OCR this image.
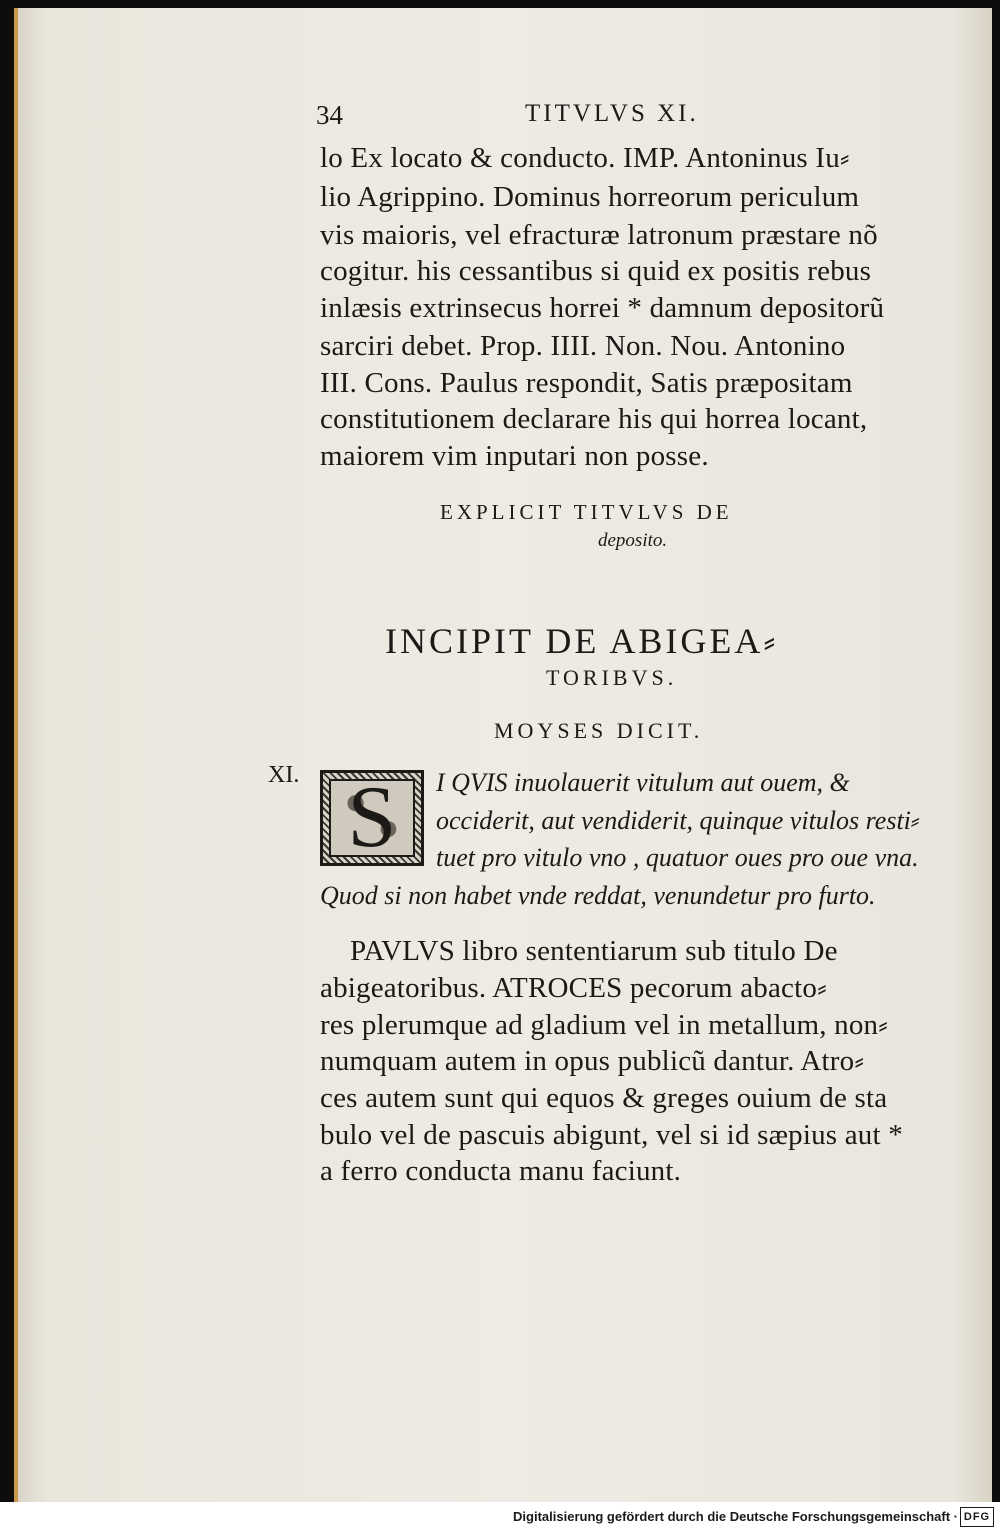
34	TITVLVS XI.
lo Ex locato & conducto. IMP. Antoninus Iu⸗
lio Agrippino. Dominus horreorum periculum
vis maioris, vel efracturæ latronum præstare nõ
cogitur. his cessantibus si quid ex positis rebus
inlæsis extrinsecus horrei * damnum depositorũ
sarciri debet. Prop. IIII. Non. Nou. Antonino
III. Cons. Paulus respondit, Satis præpositam
constitutionem declarare his qui horrea locant,
maiorem vim inputari non posse.
EXPLICIT TITVLVS DE
deposito.
INCIPIT DE ABIGEA⸗
TORIBVS.
MOYSES DICIT.
XI. S	I QVIS inuolauerit vitulum aut ouem, &
occiderit, aut vendiderit, quinque vitulos resti⸗
tuet pro vitulo vno , quatuor oues pro oue vna.
Quod si non habet vnde reddat, venundetur pro furto.
PAVLVS libro sententiarum sub titulo De
abigeatoribus. ATROCES pecorum abacto⸗
res plerumque ad gladium vel in metallum, non⸗
numquam autem in opus publicũ dantur. Atro⸗
ces autem sunt qui equos & greges ouium de sta
bulo vel de pascuis abigunt, vel si id sæpius aut *
a ferro conducta manu faciunt.
Digitalisierung gefördert durch die Deutsche Forschungsgemeinschaft · DFG
